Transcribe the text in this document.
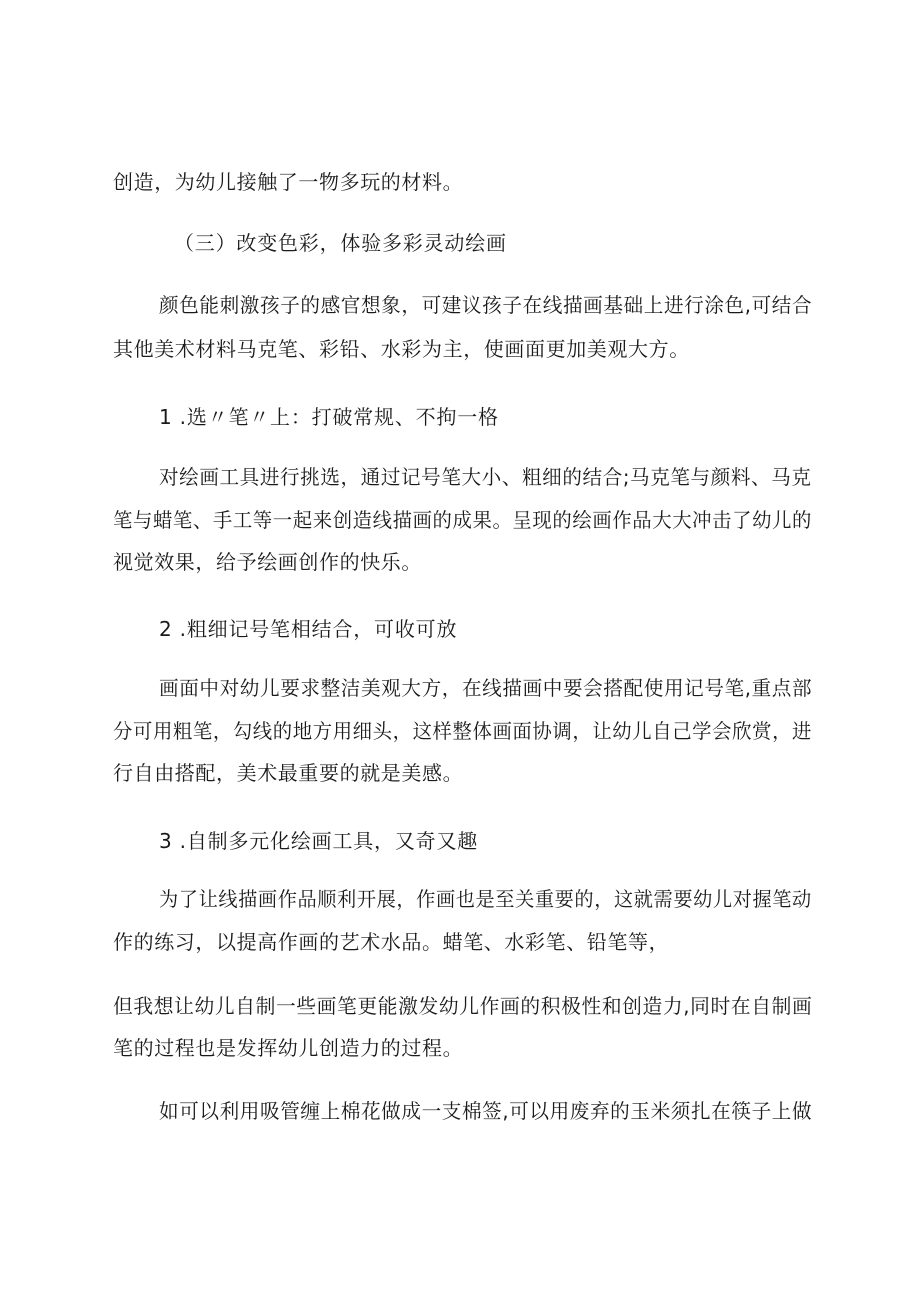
创造，为幼儿接触了一物多玩的材料。

（三）改变色彩，体验多彩灵动绘画

颜色能刺激孩子的感官想象，可建议孩子在线描画基础上进行涂色,可结合

其他美术材料马克笔、彩铅、水彩为主，使画面更加美观大方。

1 .选〃笔〃上：打破常规、不拘一格

对绘画工具进行挑选，通过记号笔大小、粗细的结合;马克笔与颜料、马克

笔与蜡笔、手工等一起来创造线描画的成果。呈现的绘画作品大大冲击了幼儿的

视觉效果，给予绘画创作的快乐。

2 .粗细记号笔相结合，可收可放

画面中对幼儿要求整洁美观大方，在线描画中要会搭配使用记号笔,重点部

分可用粗笔，勾线的地方用细头，这样整体画面协调，让幼儿自己学会欣赏，进

行自由搭配，美术最重要的就是美感。

3 .自制多元化绘画工具，又奇又趣

为了让线描画作品顺利开展，作画也是至关重要的，这就需要幼儿对握笔动

作的练习，以提高作画的艺术水品。蜡笔、水彩笔、铅笔等，

但我想让幼儿自制一些画笔更能激发幼儿作画的积极性和创造力,同时在自制画

笔的过程也是发挥幼儿创造力的过程。

如可以利用吸管缠上棉花做成一支棉签,可以用废弃的玉米须扎在筷子上做
